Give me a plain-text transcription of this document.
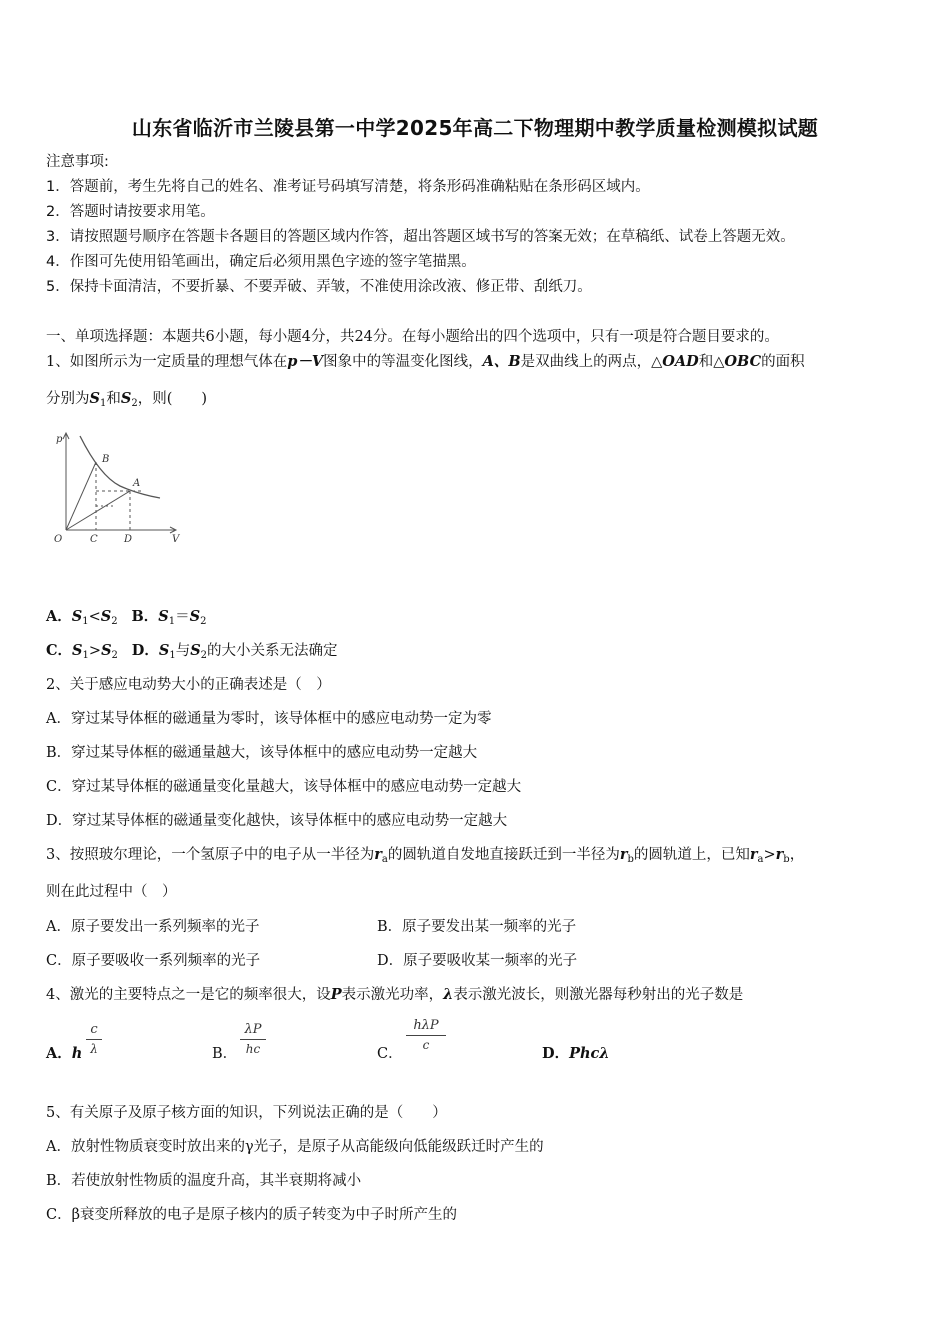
山东省临沂市兰陵县第一中学2025年高二下物理期中教学质量检测模拟试题
注意事项:
1．答题前，考生先将自己的姓名、准考证号码填写清楚，将条形码准确粘贴在条形码区域内。
2．答题时请按要求用笔。
3．请按照题号顺序在答题卡各题目的答题区域内作答，超出答题区域书写的答案无效；在草稿纸、试卷上答题无效。
4．作图可先使用铅笔画出，确定后必须用黑色字迹的签字笔描黑。
5．保持卡面清洁，不要折暴、不要弄破、弄皱，不准使用涂改液、修正带、刮纸刀。
一、单项选择题：本题共6小题，每小题4分，共24分。在每小题给出的四个选项中，只有一项是符合题目要求的。
1、如图所示为一定质量的理想气体在p－V图象中的等温变化图线，A、B是双曲线上的两点，△OAD和△OBC的面积
分别为$S_1$和$S_2$，则(　　)
p
B
A
O	C	D	V
A．$S_1<S_2$ B．$S_1=S_2$
C．$S_1>S_2$ D．$S_1$与$S_2$的大小关系无法确定
2、关于感应电动势大小的正确表述是（　）
A．穿过某导体框的磁通量为零时，该导体框中的感应电动势一定为零
B．穿过某导体框的磁通量越大，该导体框中的感应电动势一定越大
C．穿过某导体框的磁通量变化量越大，该导体框中的感应电动势一定越大
D．穿过某导体框的磁通量变化越快，该导体框中的感应电动势一定越大
3、按照玻尔理论，一个氢原子中的电子从一半径为$r_a$的圆轨道自发地直接跃迁到一半径为$r_b$的圆轨道上，已知$r_a>r_b$，
则在此过程中（　）
A．原子要发出一系列频率的光子	B．原子要发出某一频率的光子
C．原子要吸收一系列频率的光子	D．原子要吸收某一频率的光子
4、激光的主要特点之一是它的频率很大，设P表示激光功率，λ表示激光波长，则激光器每秒射出的光子数是
A．h $\frac{c}{\lambda}$	B． $\frac{\lambda P}{hc}$	C．
hλP
c	D．Phcλ
5、有关原子及原子核方面的知识，下列说法正确的是（　　）
A．放射性物质衰变时放出来的γ光子，是原子从高能级向低能级跃迁时产生的
B．若使放射性物质的温度升高，其半衰期将减小
C．β衰变所释放的电子是原子核内的质子转变为中子时所产生的
